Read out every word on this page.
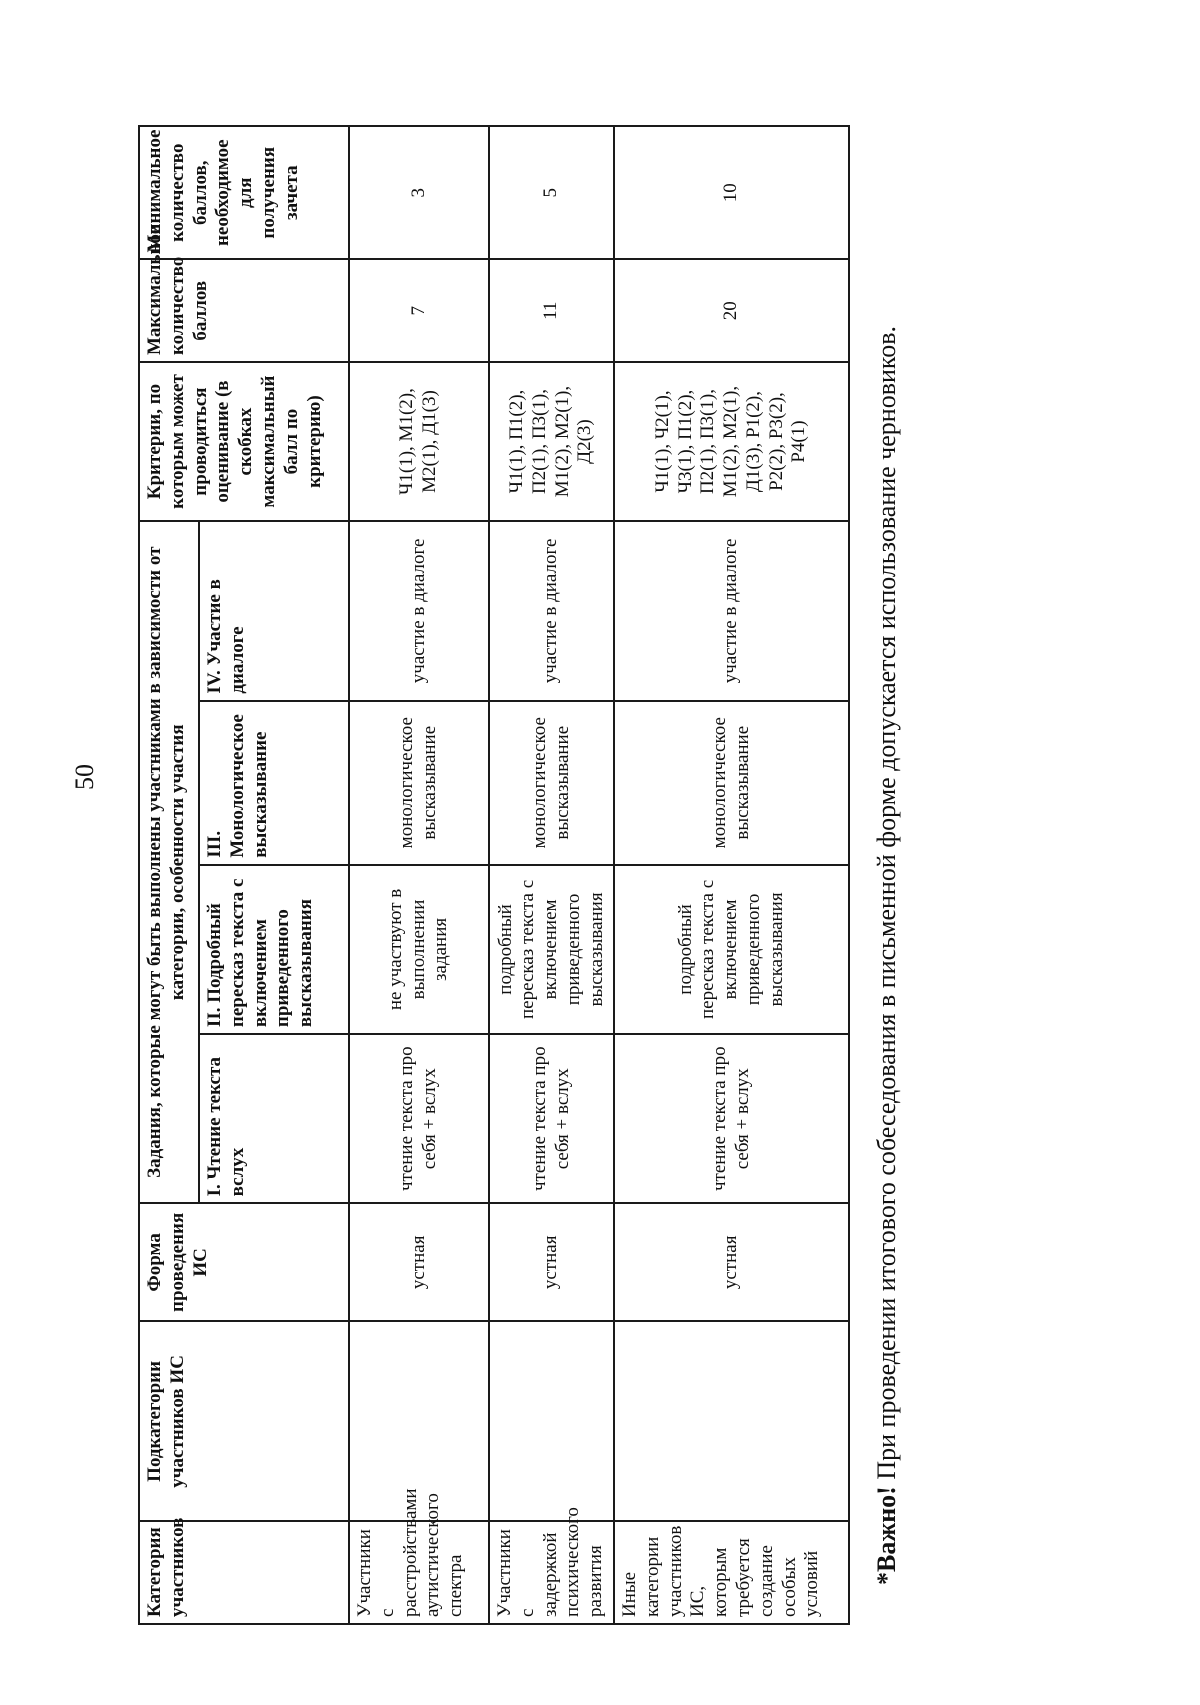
50
Категория участников	Подкатегории участников ИС	Форма проведения ИС	Задания, которые могут быть выполнены участниками в зависимости от категории, особенности участия				Критерии, по которым может проводиться оценивание (в скобках максимальный балл по критерию)	Максимальное количество баллов	Минимальное количество баллов, необходимое для получения зачета
			I. Чтение текста вслух	II. Подробный пересказ текста с включением приведенного высказывания	III. Монологическое высказывание	IV. Участие в диалоге			
Участники с расстройствами аутистического спектра		устная	чтение текста про себя + вслух	не участвуют в выполнении задания	монологическое высказывание	участие в диалоге	Ч1(1), М1(2), М2(1), Д1(3)	7	3
Участники с задержкой психического развития		устная	чтение текста про себя + вслух	подробный пересказ текста с включением приведенного высказывания	монологическое высказывание	участие в диалоге	Ч1(1), П1(2), П2(1), П3(1), М1(2), М2(1), Д2(3)	11	5
Иные категории участников ИС, которым требуется создание особых условий		устная	чтение текста про себя + вслух	подробный пересказ текста с включением приведенного высказывания	монологическое высказывание	участие в диалоге	Ч1(1), Ч2(1), Ч3(1), П1(2), П2(1), П3(1), М1(2), М2(1), Д1(3), Р1(2), Р2(2), Р3(2), Р4(1)	20	10
*Важно! При проведении итогового собеседования в письменной форме допускается использование черновиков.
